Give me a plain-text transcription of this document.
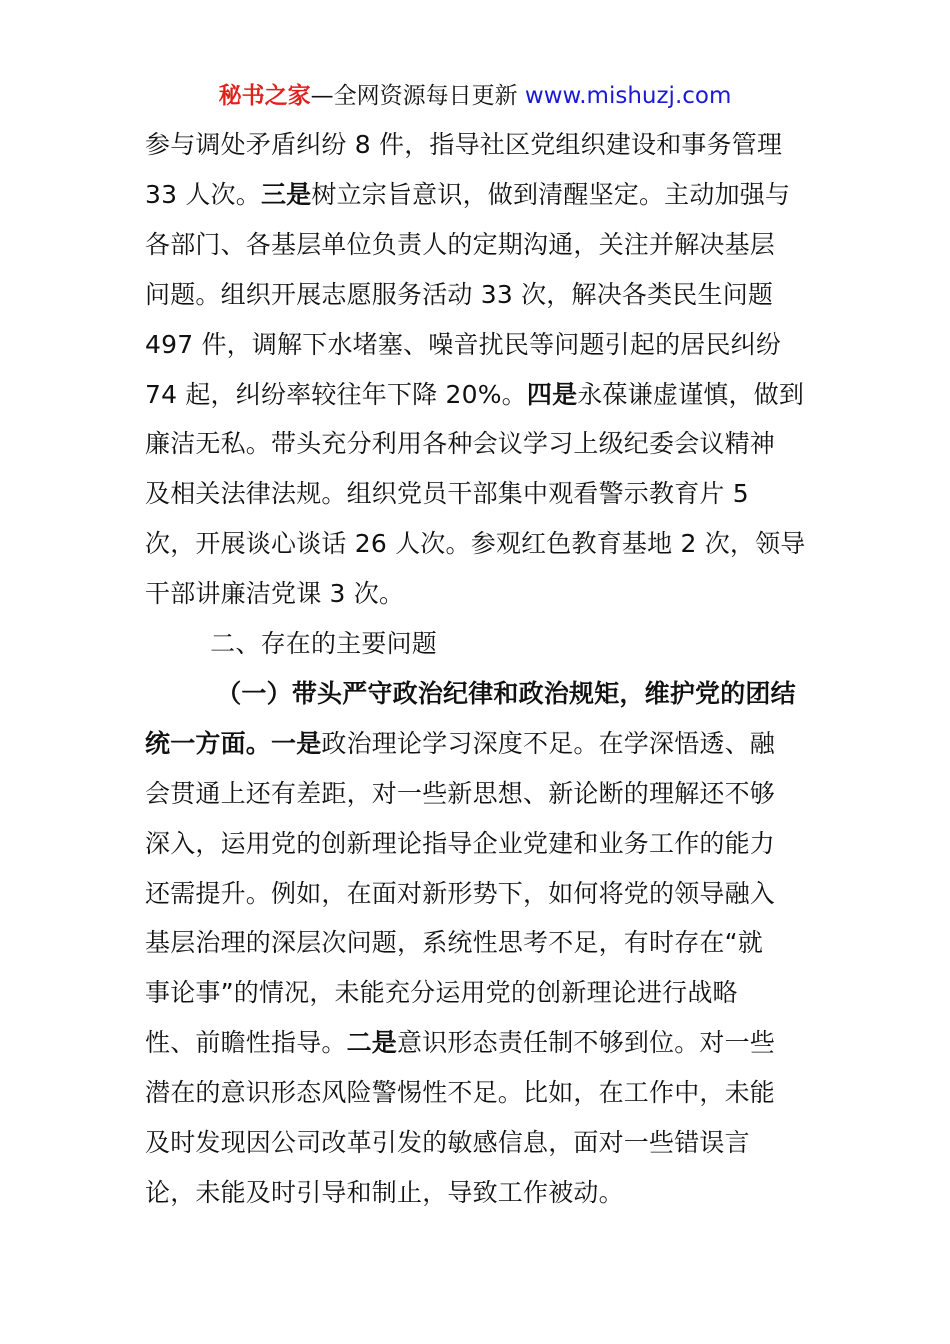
秘书之家—全网资源每日更新 www.mishuzj.com
参与调处矛盾纠纷 8 件，指导社区党组织建设和事务管理
33 人次。三是树立宗旨意识，做到清醒坚定。主动加强与
各部门、各基层单位负责人的定期沟通，关注并解决基层
问题。组织开展志愿服务活动 33 次，解决各类民生问题
497 件，调解下水堵塞、噪音扰民等问题引起的居民纠纷
74 起，纠纷率较往年下降 20%。四是永葆谦虚谨慎，做到
廉洁无私。带头充分利用各种会议学习上级纪委会议精神
及相关法律法规。组织党员干部集中观看警示教育片 5
次，开展谈心谈话 26 人次。参观红色教育基地 2 次，领导
干部讲廉洁党课 3 次。
二、存在的主要问题
（一）带头严守政治纪律和政治规矩，维护党的团结
统一方面。一是政治理论学习深度不足。在学深悟透、融
会贯通上还有差距，对一些新思想、新论断的理解还不够
深入，运用党的创新理论指导企业党建和业务工作的能力
还需提升。例如，在面对新形势下，如何将党的领导融入
基层治理的深层次问题，系统性思考不足，有时存在“就
事论事”的情况，未能充分运用党的创新理论进行战略
性、前瞻性指导。二是意识形态责任制不够到位。对一些
潜在的意识形态风险警惕性不足。比如，在工作中，未能
及时发现因公司改革引发的敏感信息，面对一些错误言
论，未能及时引导和制止，导致工作被动。
